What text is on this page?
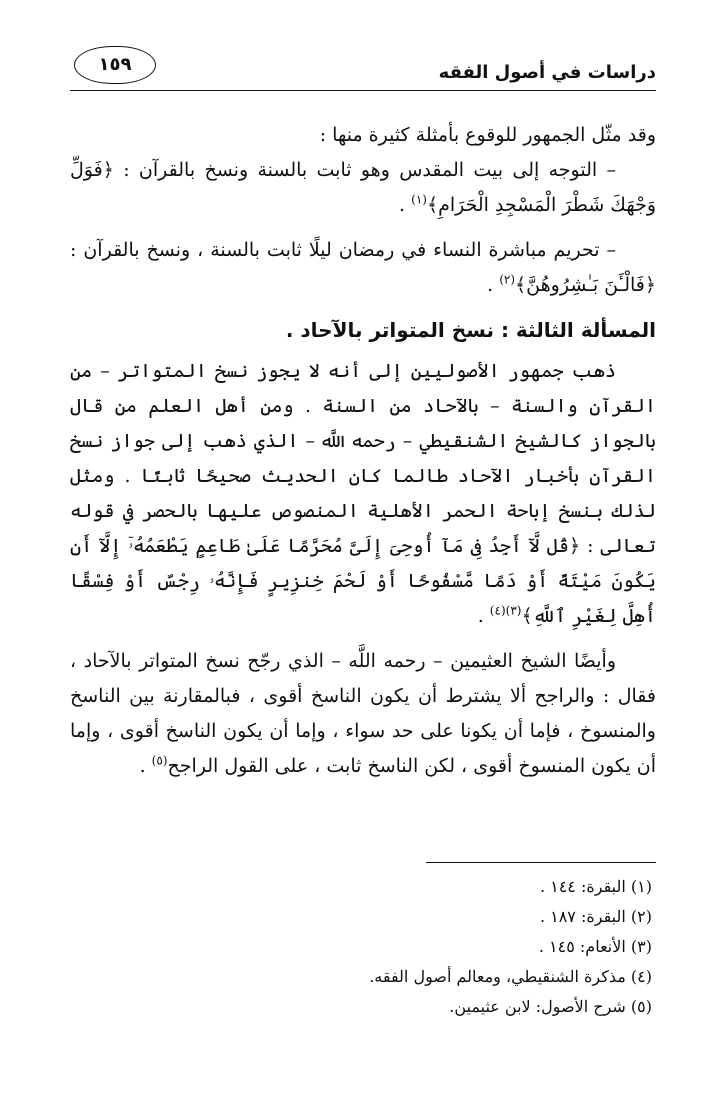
دراسات في أصول الفقه
١٥٩

وقد مثّل الجمهور للوقوع بأمثلة كثيرة منها :

– التوجه إلى بيت المقدس وهو ثابت بالسنة ونسخ بالقرآن : ﴿فَوَلِّ وَجْهَكَ شَطْرَ الْمَسْجِدِ الْحَرَامِ﴾$^{(١)}$ .

– تحريم مباشرة النساء في رمضان ليلًا ثابت بالسنة ، ونسخ بالقرآن : ﴿فَالْـَٔنَ بَـٰشِرُوهُنَّ﴾$^{(٢)}$ .

المسألة الثالثة : نسخ المتواتر بالآحاد .

ذهب جمهور الأصوليين إلى أنه لا يجوز نسخ المتواتر – من القرآن والسنة – بالآحاد من السنة . ومن أهل العلم من قال بالجواز كالشيخ الشنقيطي – رحمه اللَّه – الذي ذهب إلى جواز نسخ القرآن بأخبار الآحاد طالما كان الحديث صحيحًا ثابتًا . ومثل لذلك بنسخ إباحة الحمر الأهلية المنصوص عليها بالحصر في قوله تعالى : ﴿قُل لَّآ أَجِدُ فِى مَآ أُوحِىَ إِلَىَّ مُحَرَّمًا عَلَىٰ طَاعِمٍ يَطْعَمُهُۥٓ إِلَّآ أَن يَكُونَ مَيْتَةً أَوْ دَمًا مَّسْفُوحًا أَوْ لَحْمَ خِنزِيرٍ فَإِنَّهُۥ رِجْسٌ أَوْ فِسْقًا أُهِلَّ لِغَيْرِ ٱللَّهِ﴾$^{(٣)(٤)}$ .

وأيضًا الشيخ العثيمين – رحمه اللَّه – الذي رجّح نسخ المتواتر بالآحاد ، فقال : والراجح ألا يشترط أن يكون الناسخ أقوى ، فبالمقارنة بين الناسخ والمنسوخ ، فإما أن يكونا على حد سواء ، وإما أن يكون الناسخ أقوى ، وإما أن يكون المنسوخ أقوى ، لكن الناسخ ثابت ، على القول الراجح$^{(٥)}$ .

(١) البقرة: ١٤٤ .

(٢) البقرة: ١٨٧ .

(٣) الأنعام: ١٤٥ .

(٤) مذكرة الشنقيطي، ومعالم أصول الفقه.

(٥) شرح الأصول: لابن عثيمين.
